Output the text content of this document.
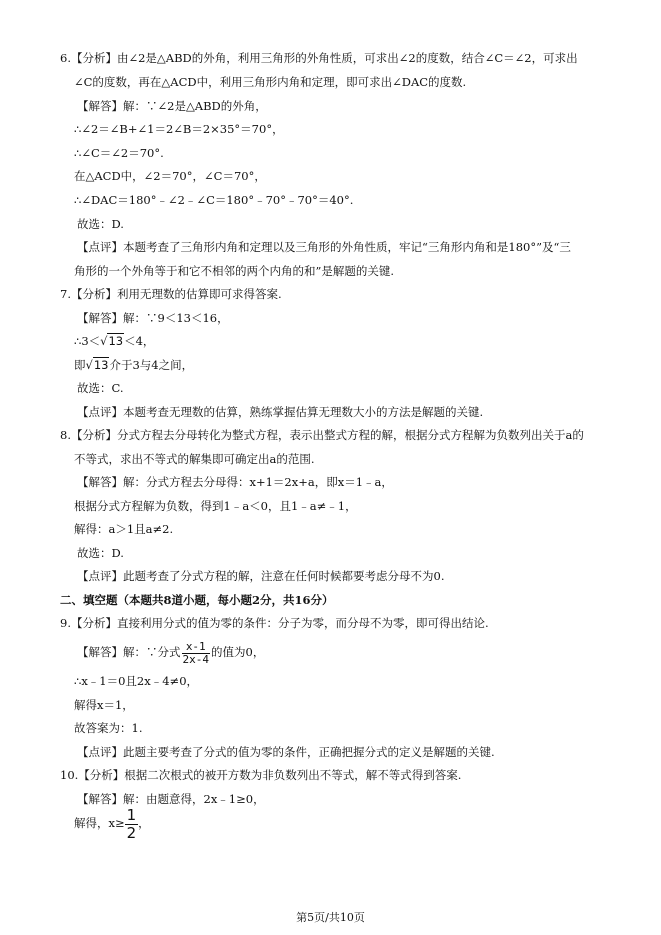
6.【分析】由∠2是△ABD的外角，利用三角形的外角性质，可求出∠2的度数，结合∠C＝∠2，可求出
∠C的度数，再在△ACD中，利用三角形内角和定理，即可求出∠DAC的度数.
【解答】解：∵∠2是△ABD的外角，
∴∠2＝∠B+∠1＝2∠B＝2×35°＝70°，
∴∠C＝∠2＝70°.
在△ACD中，∠2＝70°，∠C＝70°，
∴∠DAC＝180°﹣∠2﹣∠C＝180°﹣70°﹣70°＝40°.
故选：D.
【点评】本题考查了三角形内角和定理以及三角形的外角性质，牢记“三角形内角和是180°”及“三
角形的一个外角等于和它不相邻的两个内角的和”是解题的关键.
7.【分析】利用无理数的估算即可求得答案.
【解答】解：∵9＜13＜16，
∴3＜√13＜4，
即√13介于3与4之间，
故选：C.
【点评】本题考查无理数的估算，熟练掌握估算无理数大小的方法是解题的关键.
8.【分析】分式方程去分母转化为整式方程，表示出整式方程的解，根据分式方程解为负数列出关于a的
不等式，求出不等式的解集即可确定出a的范围.
【解答】解：分式方程去分母得：x+1＝2x+a，即x＝1﹣a，
根据分式方程解为负数，得到1﹣a＜0，且1﹣a≠﹣1，
解得：a＞1且a≠2.
故选：D.
【点评】此题考查了分式方程的解，注意在任何时候都要考虑分母不为0.
二、填空题（本题共8道小题，每小题2分，共16分）
9.【分析】直接利用分式的值为零的条件：分子为零，而分母不为零，即可得出结论.
【解答】解：∵分式 $\frac{x-1}{2x-4}$ 的值为0，
∴x﹣1＝0且2x﹣4≠0，
解得x＝1，
故答案为：1.
【点评】此题主要考查了分式的值为零的条件，正确把握分式的定义是解题的关键.
10.【分析】根据二次根式的被开方数为非负数列出不等式，解不等式得到答案.
【解答】解：由题意得，2x﹣1≥0，
解得，$x\ge \frac{1}{2}$ ，
第5页/共10页
